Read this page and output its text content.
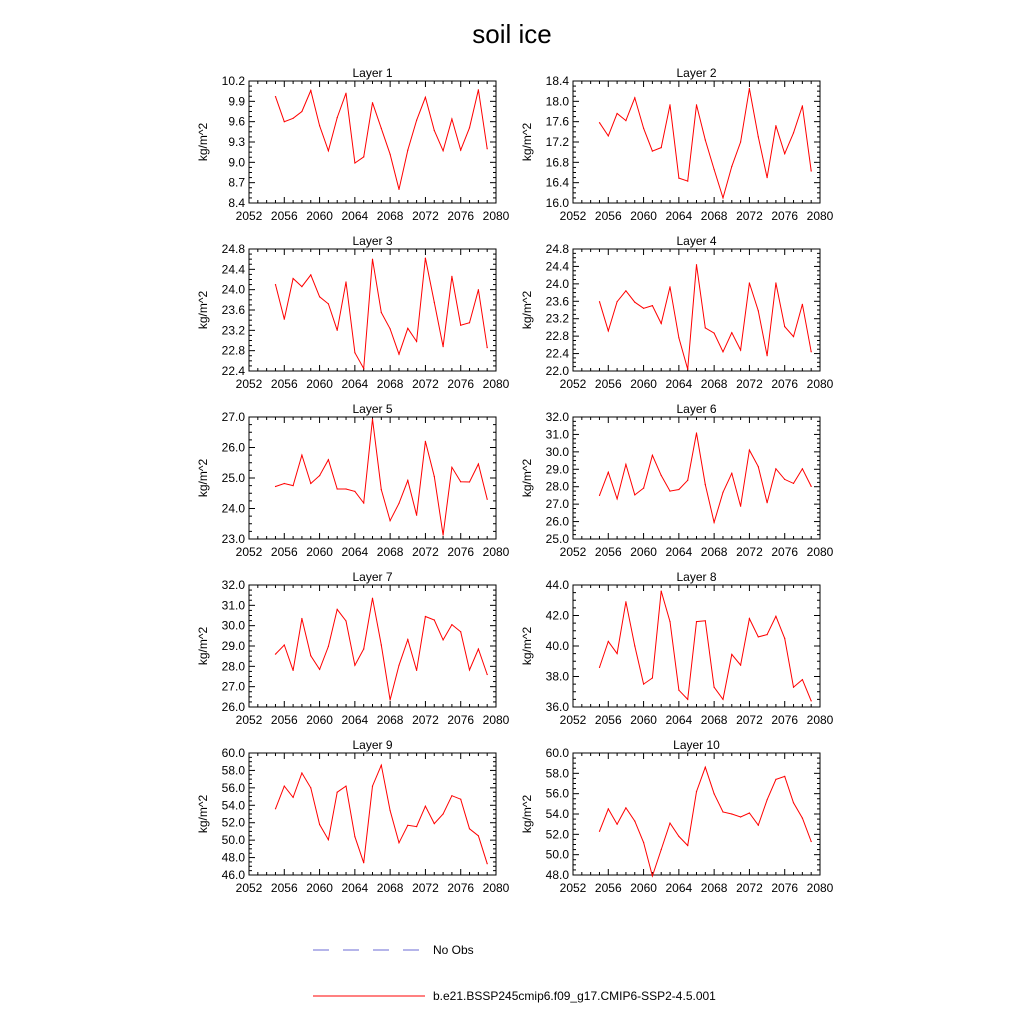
soil ice
Layer 1
2052 2056 2060 2064 2068 2072 2076 2080
8.4
8.7
9.0
9.3
9.6
9.9
10.2
kg/m^2
Layer 2
2052 2056 2060 2064 2068 2072 2076 2080
16.0
16.4
16.8
17.2
17.6
18.0
18.4
kg/m^2
Layer 3
2052 2056 2060 2064 2068 2072 2076 2080
22.4
22.8
23.2
23.6
24.0
24.4
24.8
kg/m^2
Layer 4
2052 2056 2060 2064 2068 2072 2076 2080
22.0
22.4
22.8
23.2
23.6
24.0
24.4
24.8
kg/m^2
Layer 5
2052 2056 2060 2064 2068 2072 2076 2080
23.0
24.0
25.0
26.0
27.0
kg/m^2
Layer 6
2052 2056 2060 2064 2068 2072 2076 2080
25.0
26.0
27.0
28.0
29.0
30.0
31.0
32.0
kg/m^2
Layer 7
2052 2056 2060 2064 2068 2072 2076 2080
26.0
27.0
28.0
29.0
30.0
31.0
32.0
kg/m^2
Layer 8
2052 2056 2060 2064 2068 2072 2076 2080
36.0
38.0
40.0
42.0
44.0
kg/m^2
Layer 9
2052 2056 2060 2064 2068 2072 2076 2080
46.0
48.0
50.0
52.0
54.0
56.0
58.0
60.0
kg/m^2
Layer 10
2052 2056 2060 2064 2068 2072 2076 2080
48.0
50.0
52.0
54.0
56.0
58.0
60.0
kg/m^2
No Obs
b.e21.BSSP245cmip6.f09_g17.CMIP6-SSP2-4.5.001
